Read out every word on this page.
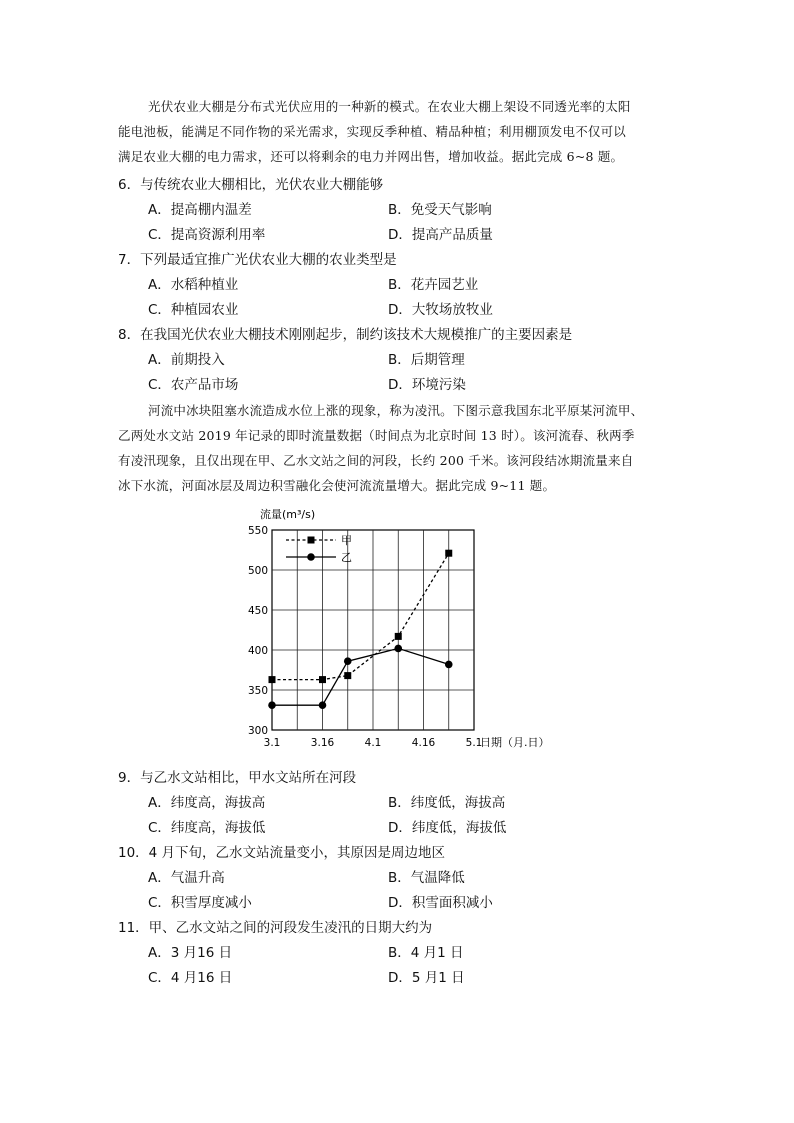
光伏农业大棚是分布式光伏应用的一种新的模式。在农业大棚上架设不同透光率的太阳
能电池板，能满足不同作物的采光需求，实现反季种植、精品种植；利用棚顶发电不仅可以
满足农业大棚的电力需求，还可以将剩余的电力并网出售，增加收益。据此完成 6~8 题。
6．与传统农业大棚相比，光伏农业大棚能够
A．提高棚内温差	B．免受天气影响
C．提高资源利用率	D．提高产品质量
7．下列最适宜推广光伏农业大棚的农业类型是
A．水稻种植业	B．花卉园艺业
C．种植园农业	D．大牧场放牧业
8．在我国光伏农业大棚技术刚刚起步，制约该技术大规模推广的主要因素是
A．前期投入	B．后期管理
C．农产品市场	D．环境污染
河流中冰块阻塞水流造成水位上涨的现象，称为凌汛。下图示意我国东北平原某河流甲、
乙两处水文站 2019 年记录的即时流量数据（时间点为北京时间 13 时）。该河流春、秋两季
有凌汛现象，且仅出现在甲、乙水文站之间的河段，长约 200 千米。该河段结冰期流量来自
冰下水流，河面冰层及周边积雪融化会使河流流量增大。据此完成 9~11 题。
300
350
400
450
500
550
3.1	3.16	4.1	4.16	5.1
甲
乙
流量(m³/s)
日期（月.日）
9．与乙水文站相比，甲水文站所在河段
A．纬度高，海拔高	B．纬度低，海拔高
C．纬度高，海拔低	D．纬度低，海拔低
10．4 月下旬，乙水文站流量变小，其原因是周边地区
A．气温升高	B．气温降低
C．积雪厚度减小	D．积雪面积减小
11．甲、乙水文站之间的河段发生凌汛的日期大约为
A．3 月16 日	B．4 月1 日
C．4 月16 日	D．5 月1 日
